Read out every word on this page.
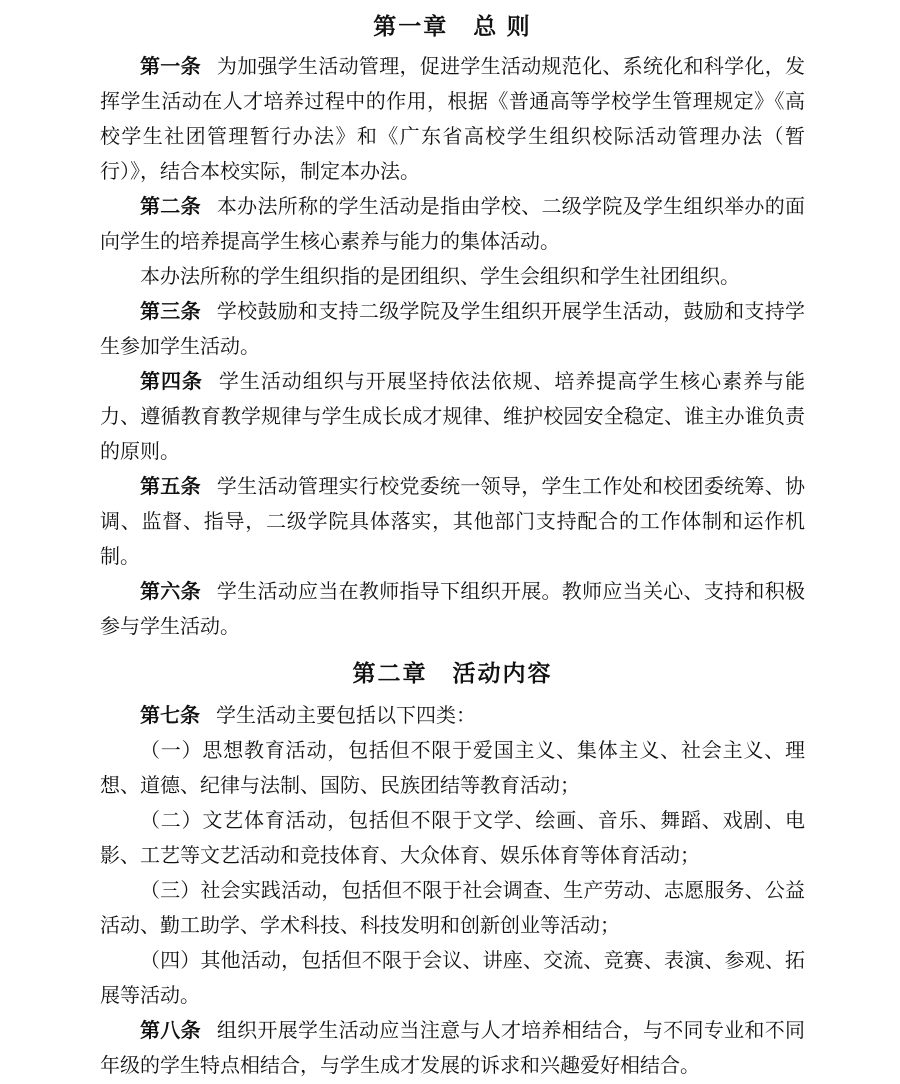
第一章　总 则

第一条 为加强学生活动管理，促进学生活动规范化、系统化和科学化，发挥学生活动在人才培养过程中的作用，根据《普通高等学校学生管理规定》《高校学生社团管理暂行办法》和《广东省高校学生组织校际活动管理办法（暂行）》，结合本校实际，制定本办法。

第二条 本办法所称的学生活动是指由学校、二级学院及学生组织举办的面向学生的培养提高学生核心素养与能力的集体活动。

本办法所称的学生组织指的是团组织、学生会组织和学生社团组织。

第三条 学校鼓励和支持二级学院及学生组织开展学生活动，鼓励和支持学生参加学生活动。

第四条 学生活动组织与开展坚持依法依规、培养提高学生核心素养与能力、遵循教育教学规律与学生成长成才规律、维护校园安全稳定、谁主办谁负责的原则。

第五条 学生活动管理实行校党委统一领导，学生工作处和校团委统筹、协调、监督、指导，二级学院具体落实，其他部门支持配合的工作体制和运作机制。

第六条 学生活动应当在教师指导下组织开展。教师应当关心、支持和积极参与学生活动。

第二章　活动内容

第七条 学生活动主要包括以下四类：

（一）思想教育活动，包括但不限于爱国主义、集体主义、社会主义、理想、道德、纪律与法制、国防、民族团结等教育活动；

（二）文艺体育活动，包括但不限于文学、绘画、音乐、舞蹈、戏剧、电影、工艺等文艺活动和竞技体育、大众体育、娱乐体育等体育活动；

（三）社会实践活动，包括但不限于社会调查、生产劳动、志愿服务、公益活动、勤工助学、学术科技、科技发明和创新创业等活动；

（四）其他活动，包括但不限于会议、讲座、交流、竞赛、表演、参观、拓展等活动。

第八条 组织开展学生活动应当注意与人才培养相结合，与不同专业和不同年级的学生特点相结合，与学生成才发展的诉求和兴趣爱好相结合。
